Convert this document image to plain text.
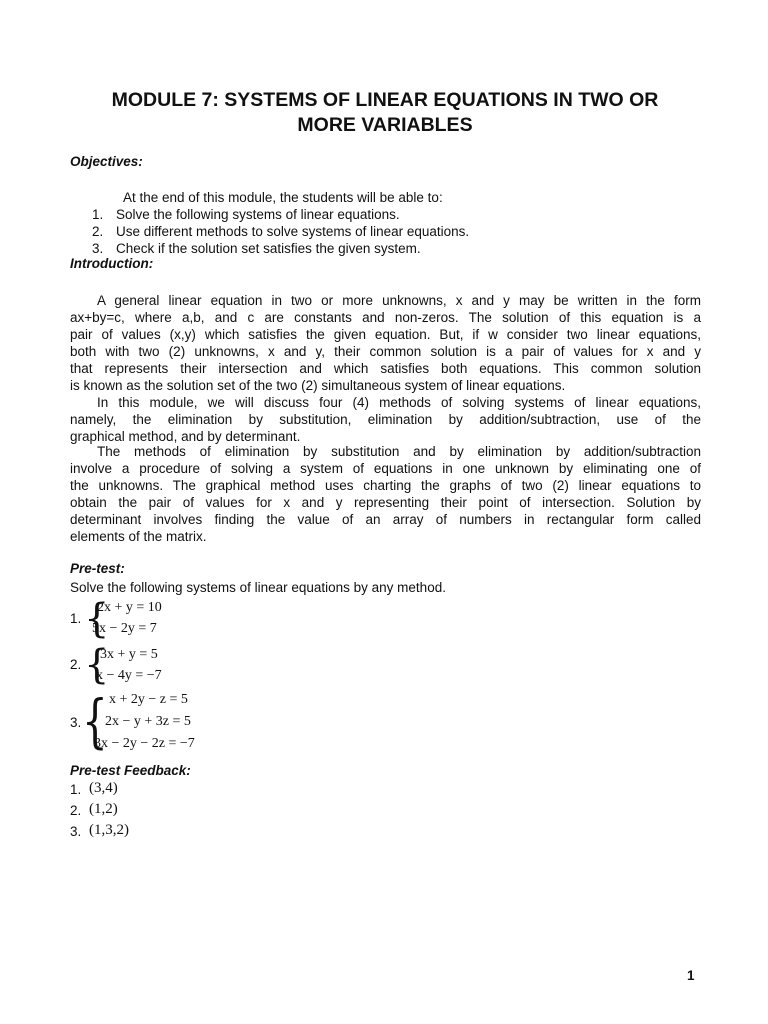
MODULE 7: SYSTEMS OF LINEAR EQUATIONS IN TWO OR
MORE VARIABLES
Objectives:
At the end of this module, the students will be able to:
1. Solve the following systems of linear equations.
2. Use different methods to solve systems of linear equations.
3. Check if the solution set satisfies the given system.
Introduction:
A general linear equation in two or more unknowns, x and y may be written in the form
ax+by=c, where a,b, and c are constants and non-zeros. The solution of this equation is a
pair of values (x,y) which satisfies the given equation. But, if w consider two linear equations,
both with two (2) unknowns, x and y, their common solution is a pair of values for x and y
that represents their intersection and which satisfies both equations. This common solution
is known as the solution set of the two (2) simultaneous system of linear equations.
In this module, we will discuss four (4) methods of solving systems of linear equations,
namely, the elimination by substitution, elimination by addition/subtraction, use of the
graphical method, and by determinant.
The methods of elimination by substitution and by elimination by addition/subtraction
involve a procedure of solving a system of equations in one unknown by eliminating one of
the unknowns. The graphical method uses charting the graphs of two (2) linear equations to
obtain the pair of values for x and y representing their point of intersection. Solution by
determinant involves finding the value of an array of numbers in rectangular form called
elements of the matrix.
Pre-test:
Solve the following systems of linear equations by any method.
1. {
2x + y = 10
5x − 2y = 7
2. {
3x + y = 5
x − 4y = −7
3. { x + 2y − z = 5
2x − y + 3z = 5
3x − 2y − 2z = −7
Pre-test Feedback:
1. (3,4)
2. (1,2)
3. (1,3,2)
1
